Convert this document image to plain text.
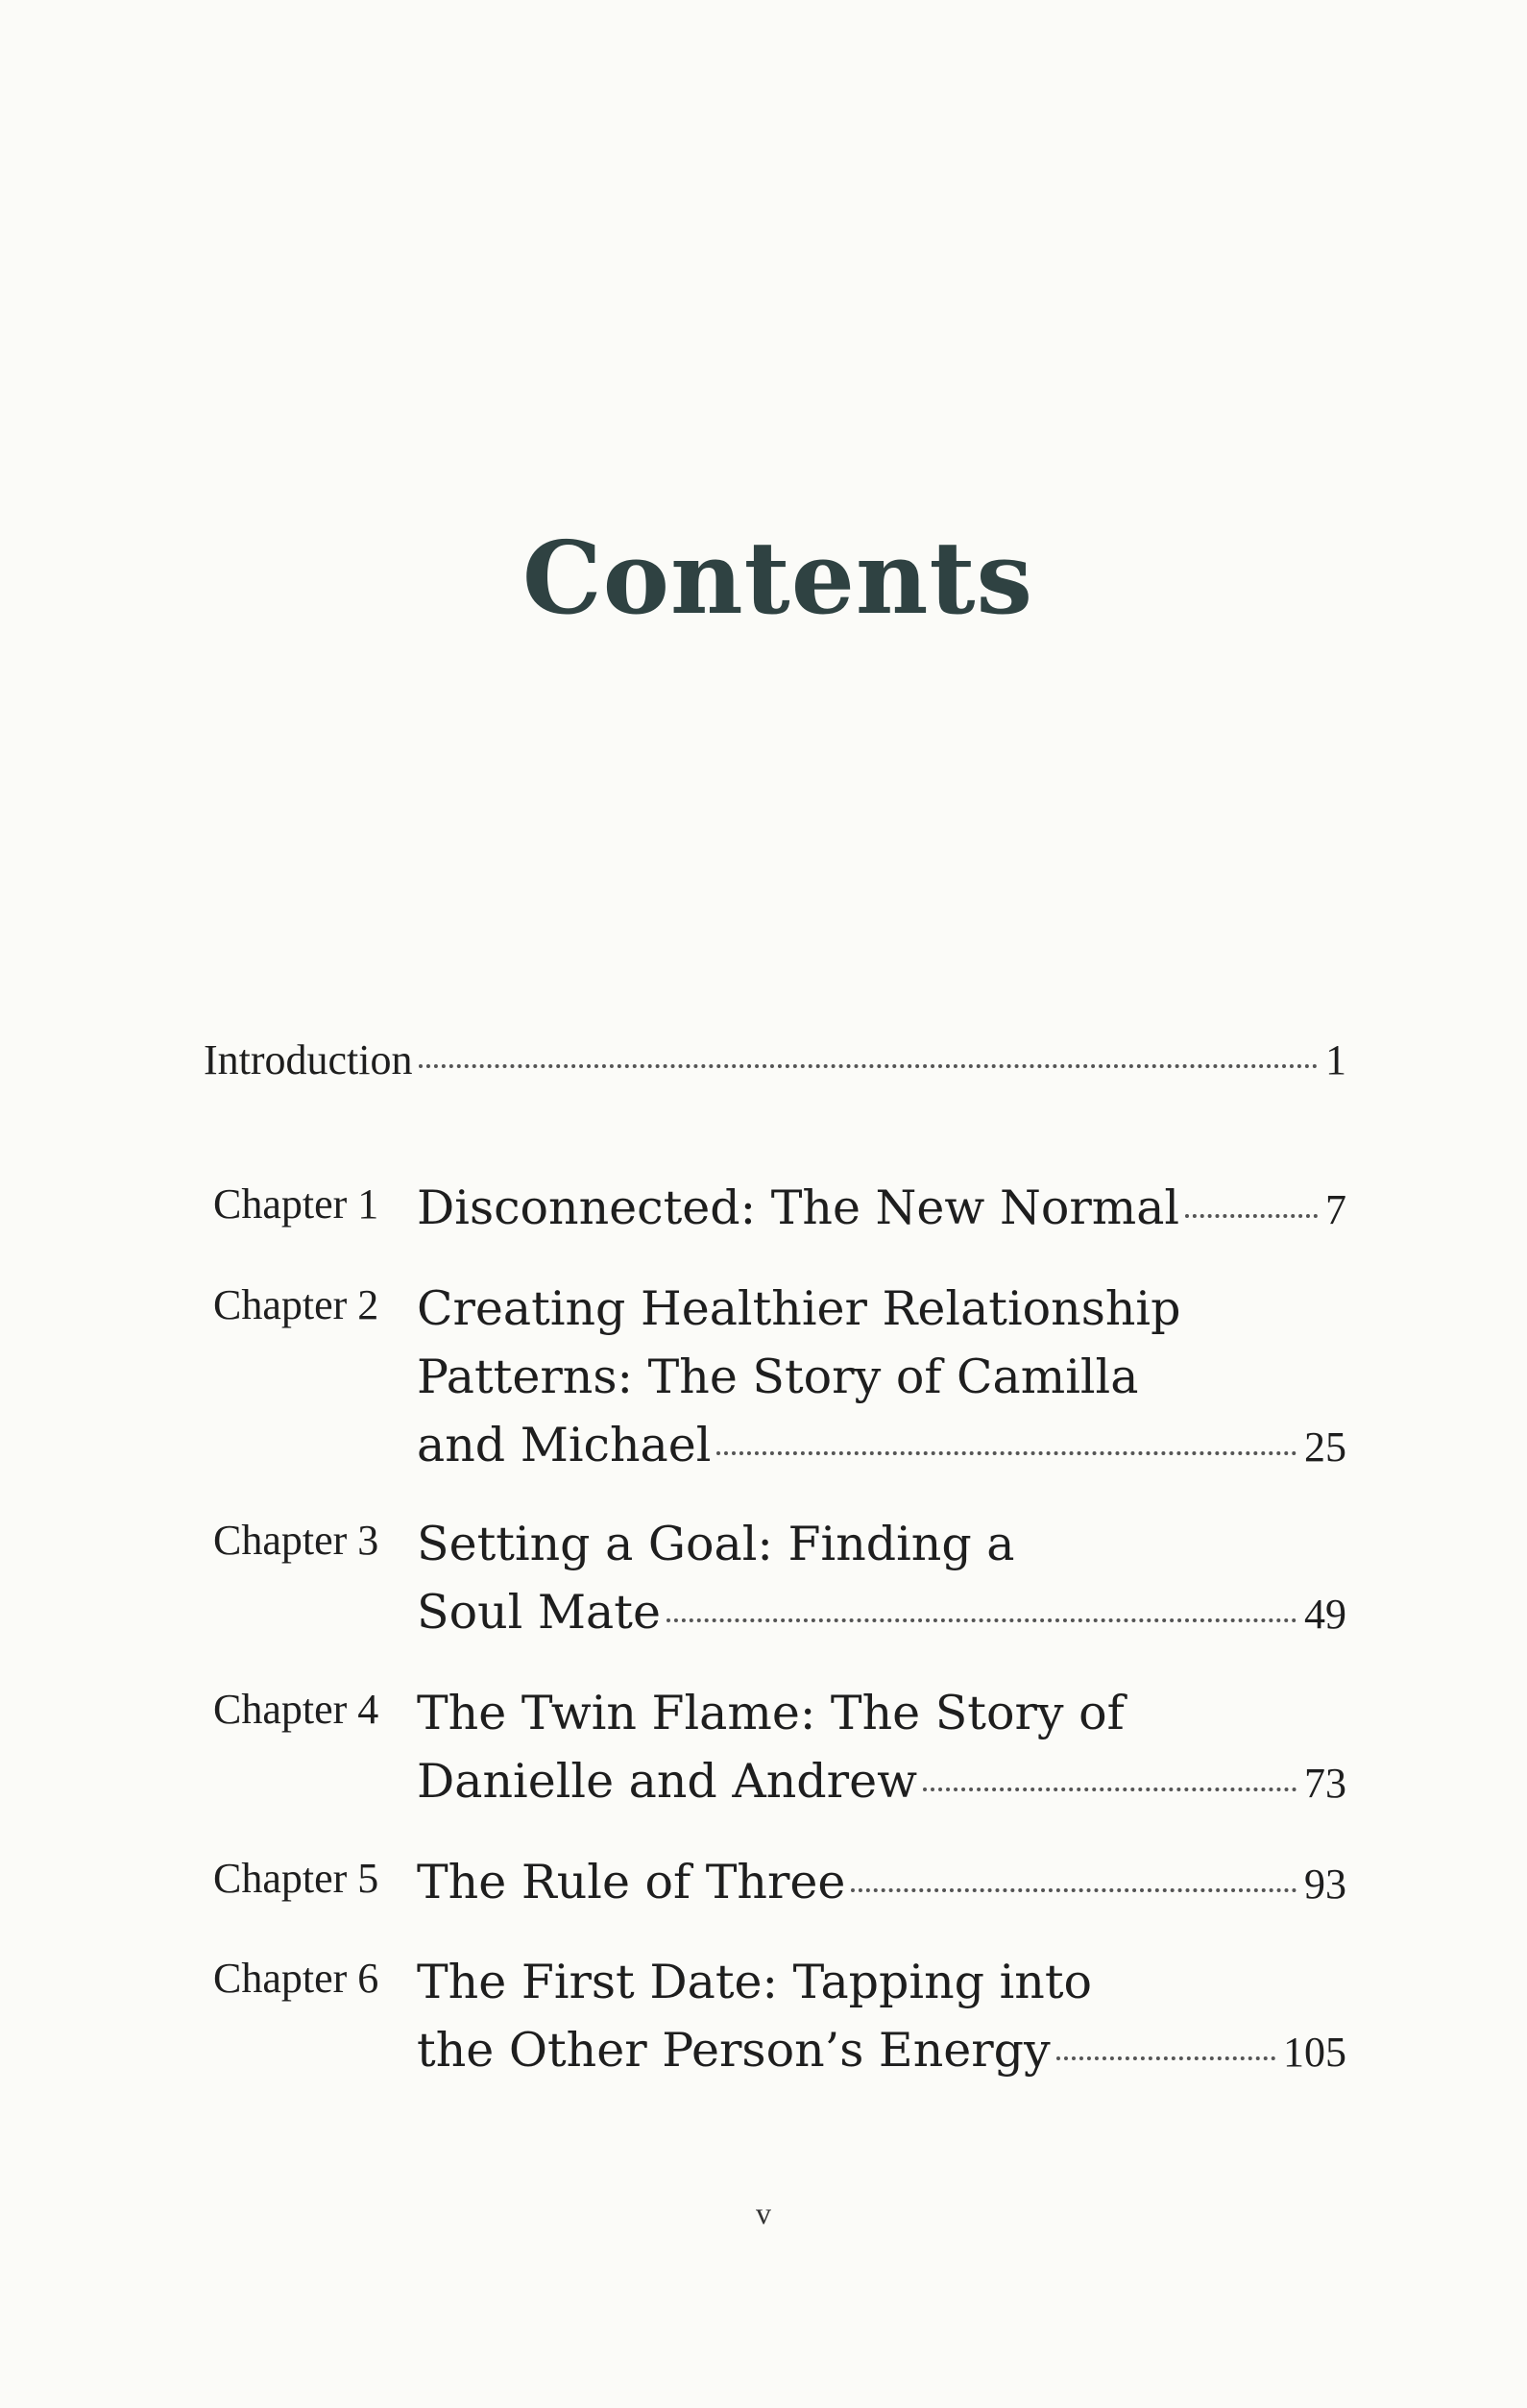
Contents
Introduction	1
Chapter 1 Disconnected: The New Normal	7
Chapter 2 Creating Healthier Relationship
Patterns: The Story of Camilla
and Michael	25
Chapter 3 Setting a Goal: Finding a
Soul Mate	49
Chapter 4 The Twin Flame: The Story of
Danielle and Andrew	73
Chapter 5 The Rule of Three	93
Chapter 6 The First Date: Tapping into
the Other Person’s Energy	105
v
